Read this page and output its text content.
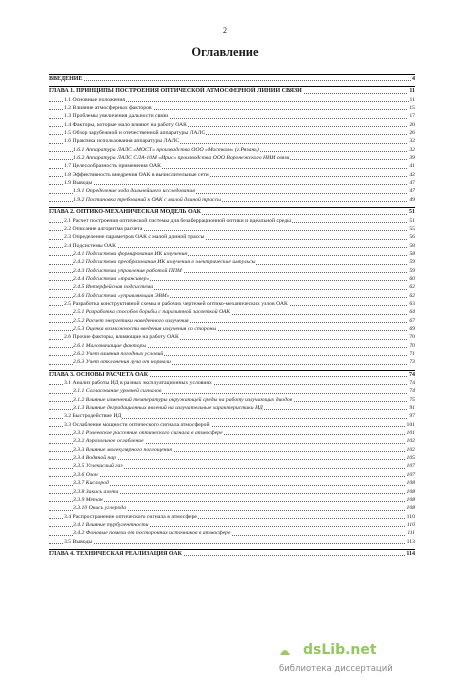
2
Оглавление
ВВЕДЕНИЕ	4
ГЛАВА 1. ПРИНЦИПЫ ПОСТРОЕНИЯ ОПТИЧЕСКОЙ АТМОСФЕРНОЙ ЛИНИИ СВЯЗИ	11
1.1 Основные положения	11
1.2 Влияние атмосферных факторов	15
1.3 Проблемы увеличения дальности связи	17
1.4 Факторы, которые мало влияют на работу ОАК	20
1.5 Обзор зарубежной и отечественной аппаратуры ЛАЛС	26
1.6 Практика использования аппаратуры ЛАЛС	32
1.6.1 Аппаратура ЛАЛС «МОСТ» производства ООО «Мостком» (г.Рязань)	32
1.6.2 Аппаратура ЛАЛС СЛА-10М «Ирис» производства ООО Воронежского НИИ связи	39
1.7 Целесообразность применения ОАК	41
1.8 Эффективность внедрения ОАК в вычислительные сети	42
1.9 Выводы	47
1.9.1 Определение хода дальнейшего исследования	47
1.9.2 Постановка требований к ОАК с малой длиной трассы	49
ГЛАВА 2. ОПТИКО-МЕХАНИЧЕСКАЯ МОДЕЛЬ ОАК	51
2.1 Расчет построения оптической системы для безаберрационной оптики и идеальной среды	51
2.2 Описание алгоритма расчета	55
2.3 Определение параметров ОАК с малой длиной трассы	56
2.4 Подсистемы ОАК	58
2.4.1 Подсистема формирования ИК излучения	58
2.4.2 Подсистема преобразования ИК излучения в электрические импульсы	59
2.4.3 Подсистема управления работой ППМ	59
2.4.4 Подсистема «трансивер»	60
2.4.5 Интерфейсная подсистема	62
2.4.6 Подсистема «управляющая ЭВМ»	62
2.5 Разработка конструктивной схемы и рабочих чертежей оптико-механических узлов ОАК	63
2.5.1 Разработка способов борьбы с паразитной засветкой ОАК	64
2.5.2 Расчет энергетики наведенного излучения	67
2.5.3 Оценка возможности введения излучения со стороны	69
2.6 Прочие факторы, влияющие на работу ОАК	70
2.6.1 Малозначащие факторы	70
2.6.2 Учет влияния погодных условий	71
2.6.3 Учет отклонения луча от нормали	73
ГЛАВА 3. ОСНОВЫ РАСЧЕТА ОАК	74
3.1 Анализ работы ИД в разных эксплуатационных условиях	74
3.1.1 Согласование уровней сигналов	74
3.1.2 Влияние изменений температуры окружающей среды на работу излучающих диодов	75
3.1.3 Влияние деградационных явлений на излучательные характеристики ИД	91
3.2 Быстродействие ИД	97
3.3 Ослабление мощности оптического сигнала атмосферой	101
3.3.1 Рэлеевское рассеяние оптического сигнала в атмосфере	101
3.3.2 Аэрозольное ослабление	102
3.3.3 Влияние молекулярного поглощения	102
3.3.4 Водяной пар	105
3.3.5 Углекислый газ	107
3.3.6 Озон	107
3.3.7 Кислород	108
3.3.8 Закись азота	108
3.3.9 Метан	108
3.3.10 Окись углерода	108
3.4 Распространение оптического сигнала в атмосфере	110
3.4.1 Влияние турбулентности	110
3.4.2 Фоновые помехи от посторонних источников в атмосфере	111
3.5 Выводы	113
ГЛАВА 4. ТЕХНИЧЕСКАЯ РЕАЛИЗАЦИЯ ОАК	114
dsLib.net
библиотека диссертаций
